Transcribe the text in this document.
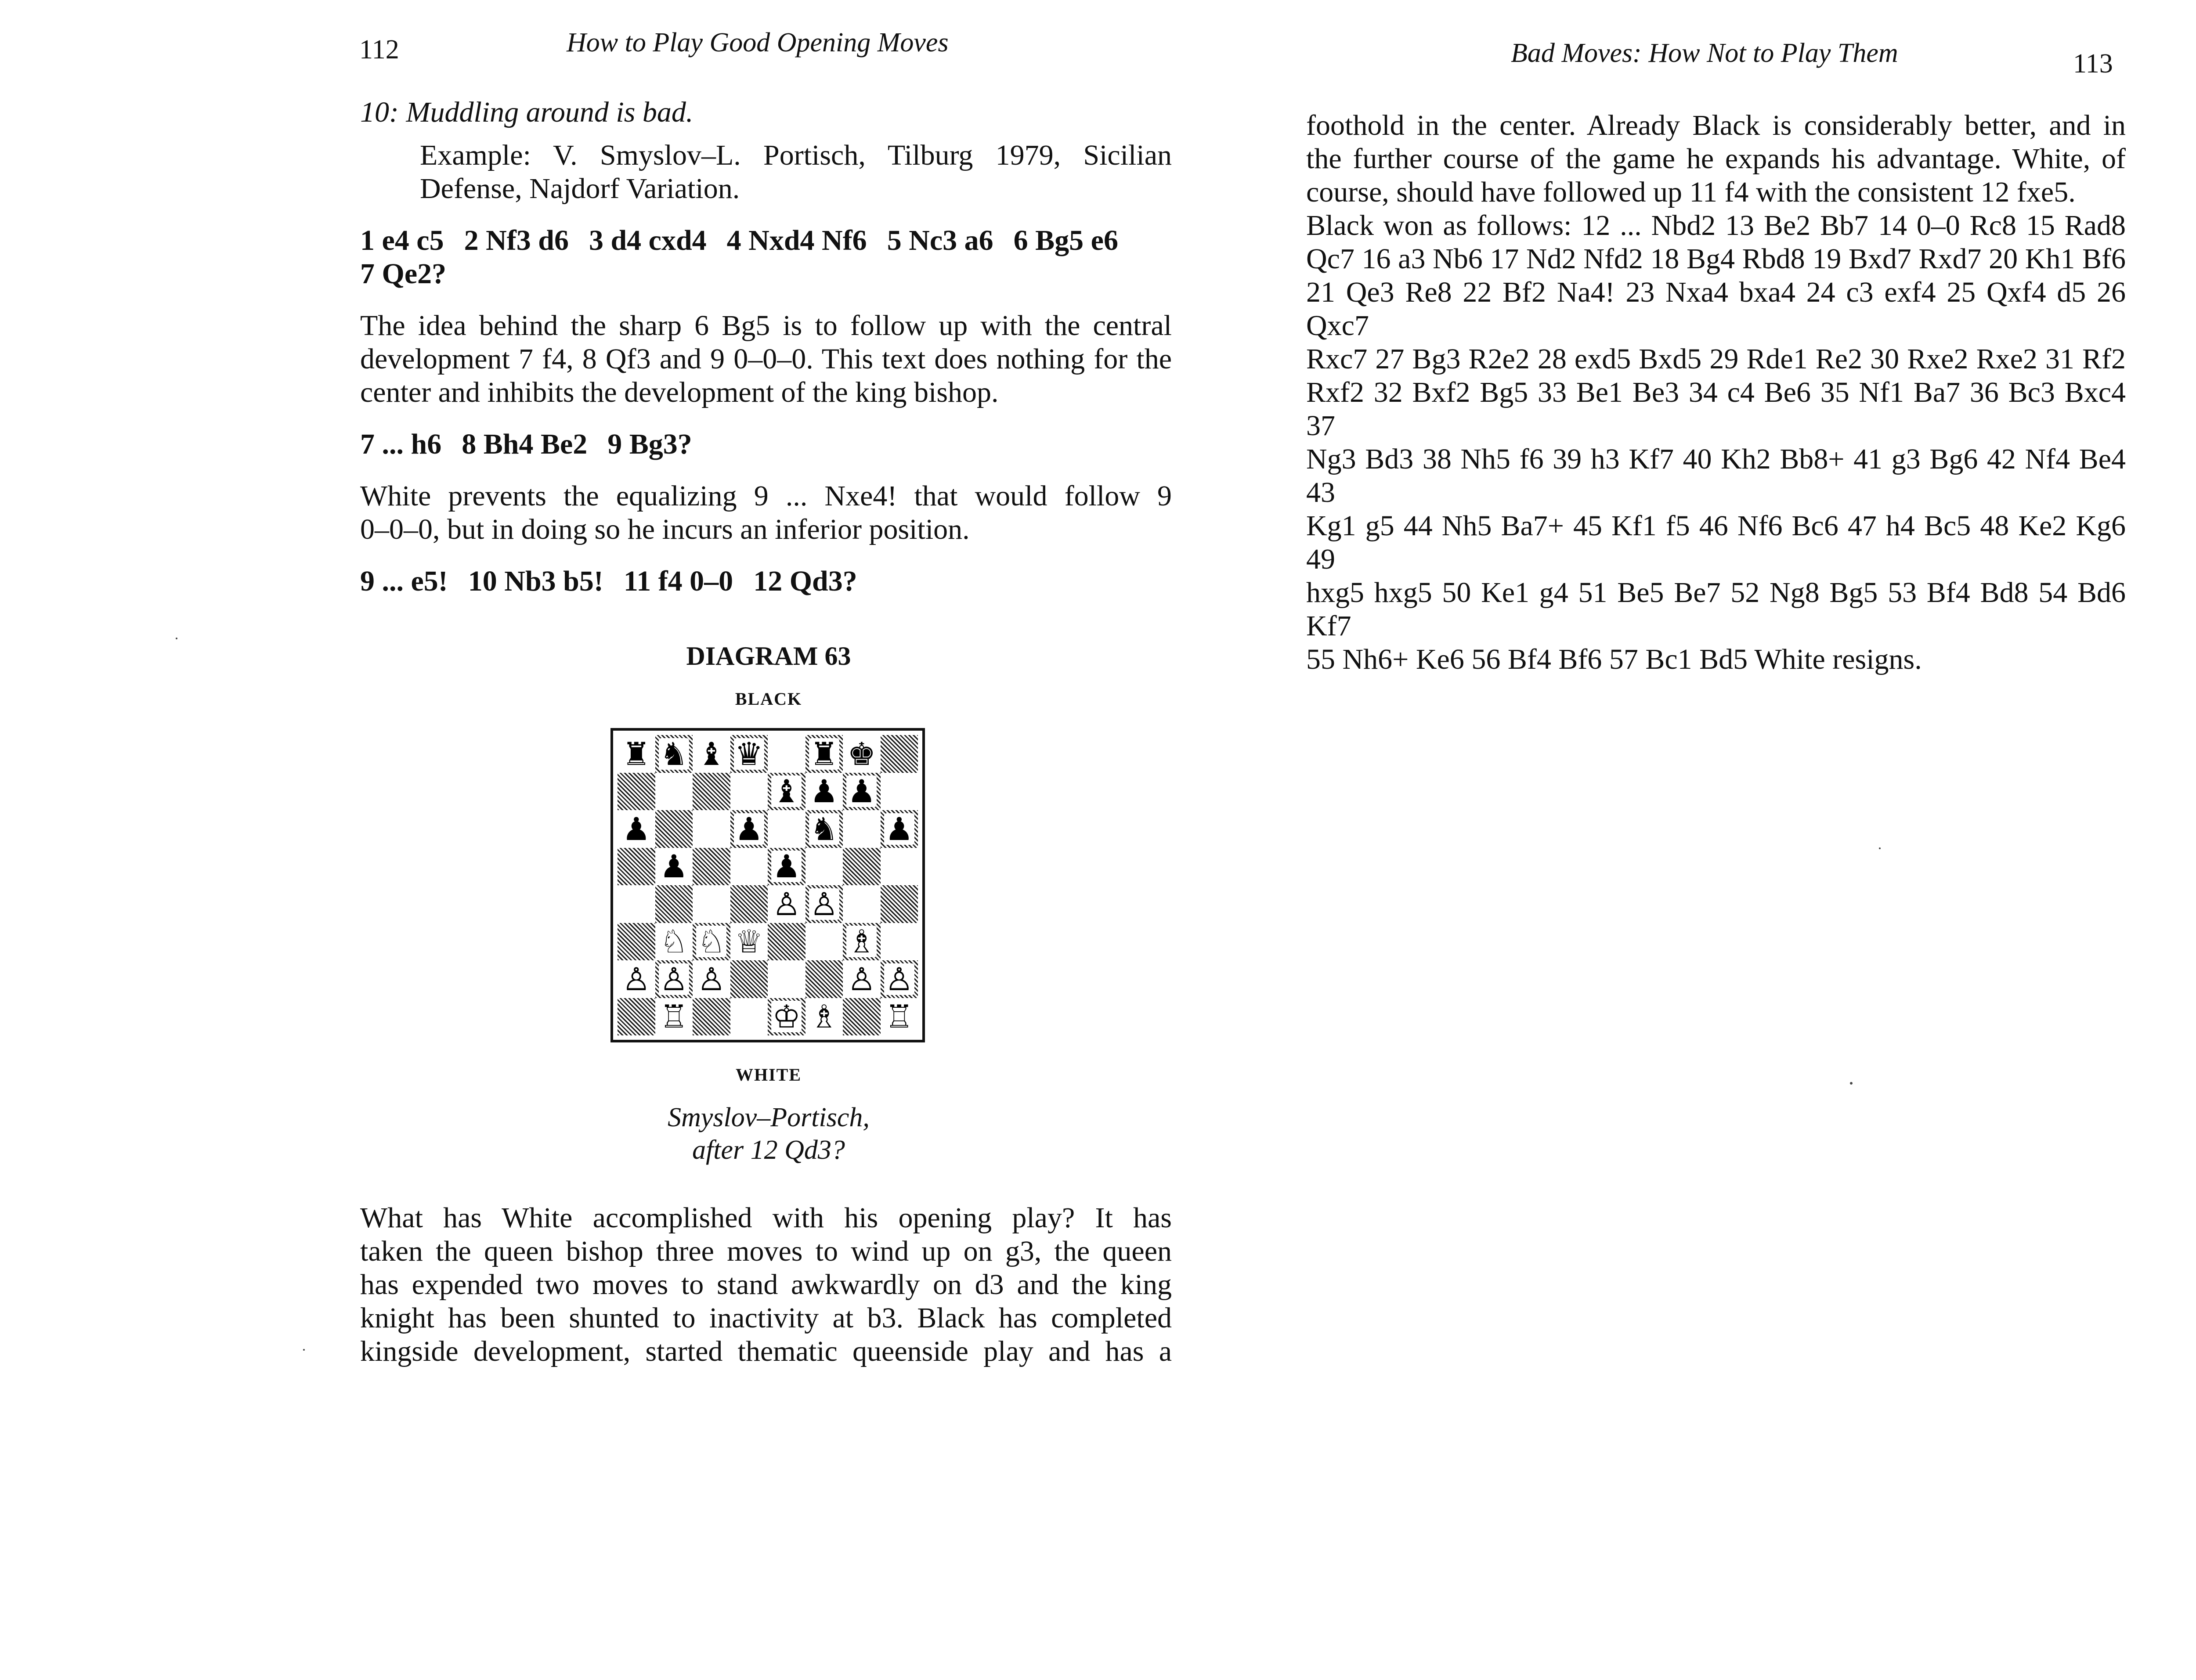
112	How to Play Good Opening Moves

10: Muddling around is bad.

Example: V. Smyslov–L. Portisch, Tilburg 1979, Sicilian

Defense, Najdorf Variation.

1 e4 c5 2 Nf3 d6 3 d4 cxd4 4 Nxd4 Nf6 5 Nc3 a6 6 Bg5 e6

7 Qe2?

The idea behind the sharp 6 Bg5 is to follow up with the central

development 7 f4, 8 Qf3 and 9 0–0–0. This text does nothing for the

center and inhibits the development of the king bishop.

7 ... h6 8 Bh4 Be2 9 Bg3?

White prevents the equalizing 9 ... Nxe4! that would follow 9

0–0–0, but in doing so he incurs an inferior position.

9 ... e5! 10 Nb3 b5! 11 f4 0–0 12 Qd3?

DIAGRAM 63
BLACK
♜ ♞ ♝ ♛ ♜ ♚
♝ ♟ ♟
♟	♟ ♞ ♟
♟	♟
♙ ♙
♘ ♘ ♕	♗
♙ ♙ ♙	♙ ♙
♖	♔ ♗ ♖
WHITE
Smyslov–Portisch,
after 12 Qd3?

What has White accomplished with his opening play? It has

taken the queen bishop three moves to wind up on g3, the queen

has expended two moves to stand awkwardly on d3 and the king

knight has been shunted to inactivity at b3. Black has completed

kingside development, started thematic queenside play and has a

Bad Moves: How Not to Play Them	113

foothold in the center. Already Black is considerably better, and in

the further course of the game he expands his advantage. White, of

course, should have followed up 11 f4 with the consistent 12 fxe5.

Black won as follows: 12 ... Nbd2 13 Be2 Bb7 14 0–0 Rc8 15 Rad8

Qc7 16 a3 Nb6 17 Nd2 Nfd2 18 Bg4 Rbd8 19 Bxd7 Rxd7 20 Kh1 Bf6

21 Qe3 Re8 22 Bf2 Na4! 23 Nxa4 bxa4 24 c3 exf4 25 Qxf4 d5 26 Qxc7

Rxc7 27 Bg3 R2e2 28 exd5 Bxd5 29 Rde1 Re2 30 Rxe2 Rxe2 31 Rf2

Rxf2 32 Bxf2 Bg5 33 Be1 Be3 34 c4 Be6 35 Nf1 Ba7 36 Bc3 Bxc4 37

Ng3 Bd3 38 Nh5 f6 39 h3 Kf7 40 Kh2 Bb8+ 41 g3 Bg6 42 Nf4 Be4 43

Kg1 g5 44 Nh5 Ba7+ 45 Kf1 f5 46 Nf6 Bc6 47 h4 Bc5 48 Ke2 Kg6 49

hxg5 hxg5 50 Ke1 g4 51 Be5 Be7 52 Ng8 Bg5 53 Bf4 Bd8 54 Bd6 Kf7

55 Nh6+ Ke6 56 Bf4 Bf6 57 Bc1 Bd5 White resigns.
